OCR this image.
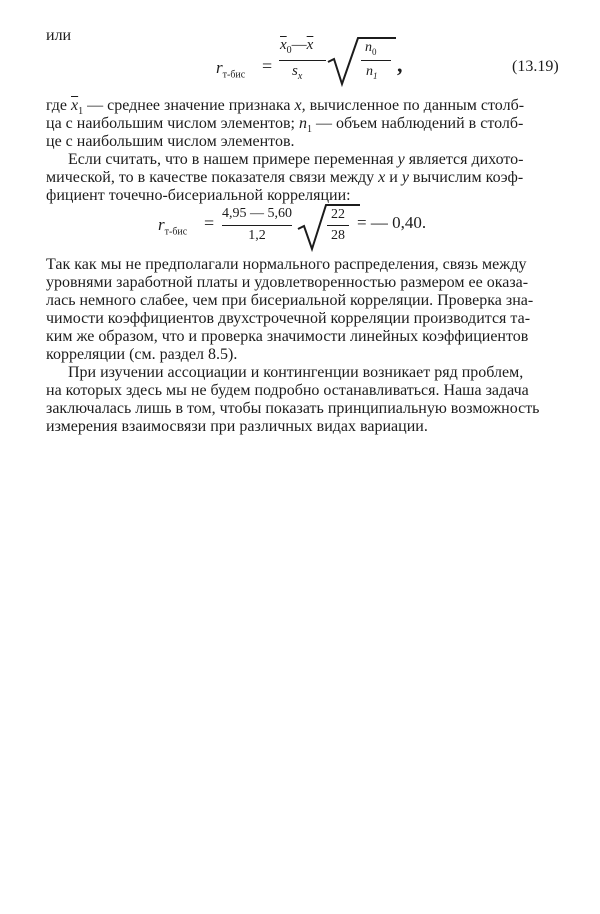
или
$r_{т-бис}$ =
$\overline{x}_0—\overline{x}$
$s_x$
$n_0$
$n_1$ ,	(13.19)
где $\overline{x}_1$ — среднее значение признака x, вычисленное по данным столб-
ца с наибольшим числом элементов; $n_1$ — объем наблюдений в столб-
це с наибольшим числом элементов.
Если считать, что в нашем примере переменная y является дихото-
мической, то в качестве показателя связи между x и y вычислим коэф-
фициент точечно-бисериальной корреляции:
$r_{т-бис} = 4,95$ — 5,60
1,2
22
28
= — 0,40.
Так как мы не предполагали нормального распределения, связь между
уровнями заработной платы и удовлетворенностью размером ее оказа-
лась немного слабее, чем при бисериальной корреляции. Проверка зна-
чимости коэффициентов двухстрочечной корреляции производится та-
ким же образом, что и проверка значимости линейных коэффициентов
корреляции (см. раздел 8.5).
При изучении ассоциации и контингенции возникает ряд проблем,
на которых здесь мы не будем подробно останавливаться. Наша задача
заключалась лишь в том, чтобы показать принципиальную возможность
измерения взаимосвязи при различных видах вариации.
